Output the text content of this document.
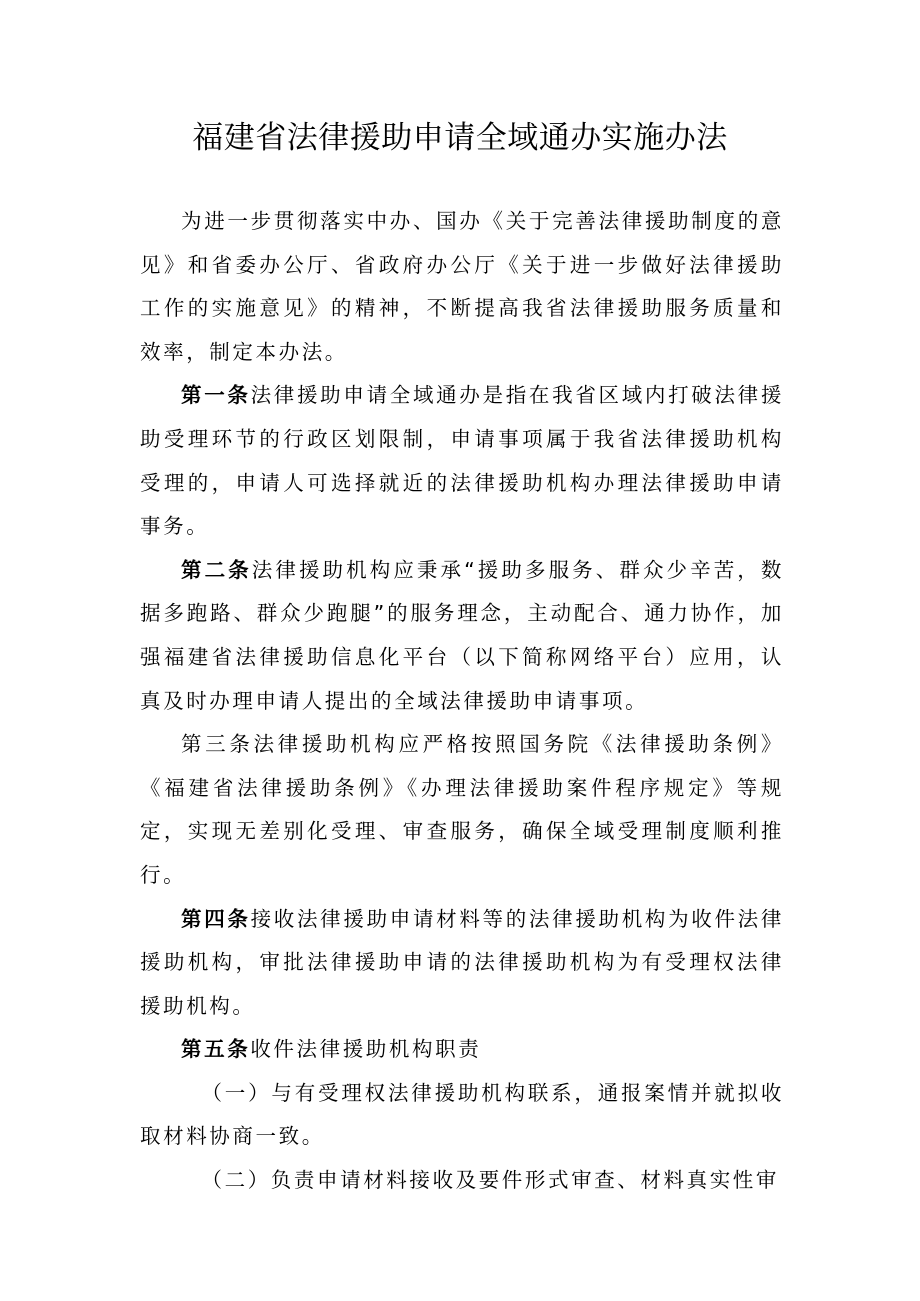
福建省法律援助申请全域通办实施办法

为进一步贯彻落实中办、国办《关于完善法律援助制度的意见》和省委办公厅、省政府办公厅《关于进一步做好法律援助工作的实施意见》的精神，不断提高我省法律援助服务质量和效率，制定本办法。

第一条法律援助申请全域通办是指在我省区域内打破法律援助受理环节的行政区划限制，申请事项属于我省法律援助机构受理的，申请人可选择就近的法律援助机构办理法律援助申请事务。

第二条法律援助机构应秉承“援助多服务、群众少辛苦，数据多跑路、群众少跑腿”的服务理念，主动配合、通力协作，加强福建省法律援助信息化平台（以下简称网络平台）应用，认真及时办理申请人提出的全域法律援助申请事项。

第三条法律援助机构应严格按照国务院《法律援助条例》《福建省法律援助条例》《办理法律援助案件程序规定》等规定，实现无差别化受理、审查服务，确保全域受理制度顺利推行。

第四条接收法律援助申请材料等的法律援助机构为收件法律援助机构，审批法律援助申请的法律援助机构为有受理权法律援助机构。

第五条收件法律援助机构职责

（一）与有受理权法律援助机构联系，通报案情并就拟收取材料协商一致。

（二）负责申请材料接收及要件形式审查、材料真实性审
